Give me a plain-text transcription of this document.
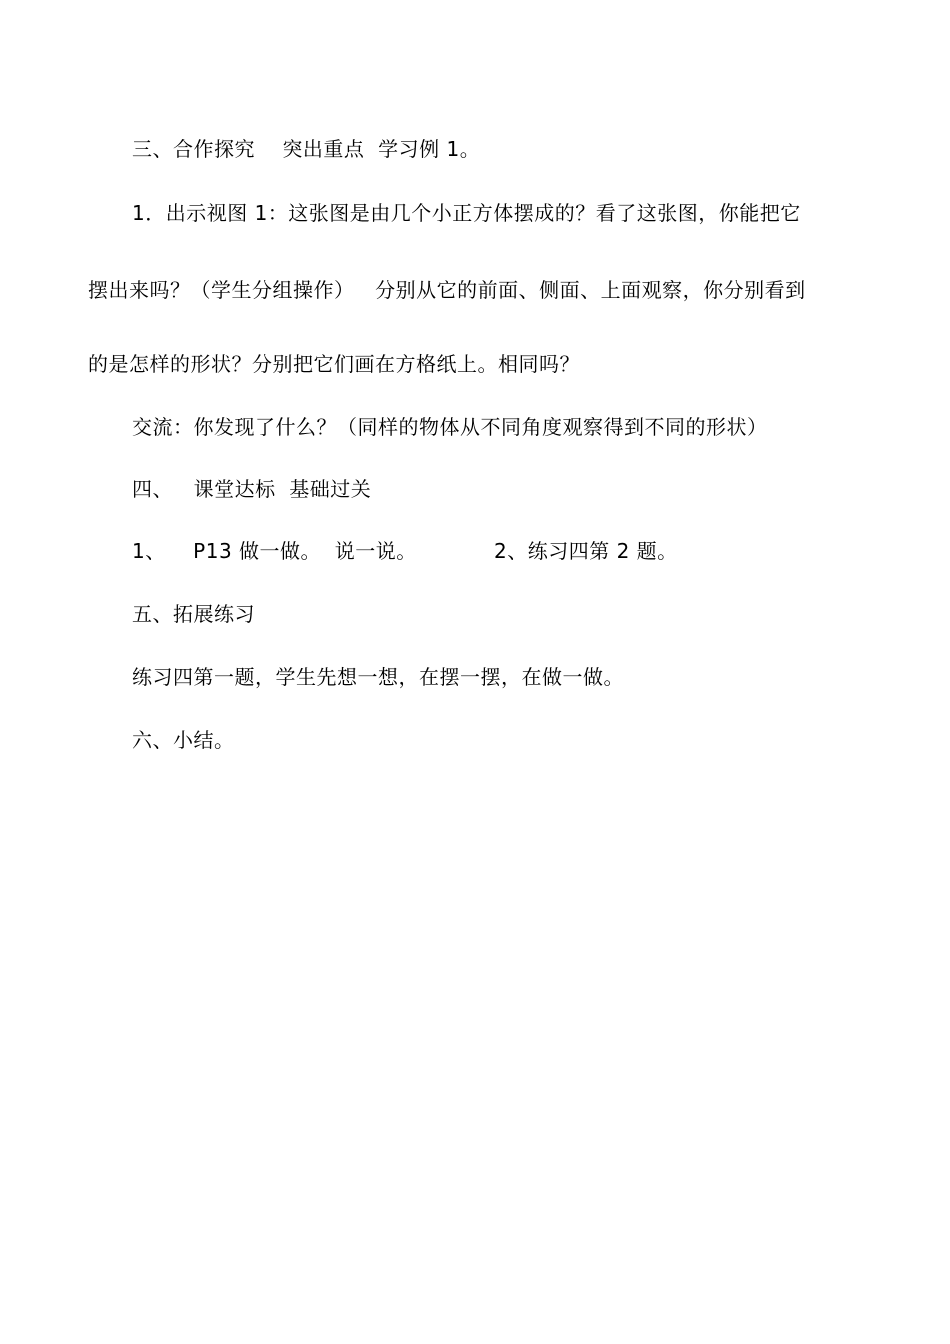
三、合作探究    突出重点  学习例 1。
1．出示视图 1：这张图是由几个小正方体摆成的？看了这张图，你能把它
摆出来吗？（学生分组操作）   分别从它的前面、侧面、上面观察，你分别看到
的是怎样的形状？分别把它们画在方格纸上。相同吗？
交流：你发现了什么？（同样的物体从不同角度观察得到不同的形状）
四、   课堂达标  基础过关
1、    P13 做一做。  说一说。	2、练习四第 2 题。
五、拓展练习
练习四第一题，学生先想一想，在摆一摆，在做一做。
六、小结。
